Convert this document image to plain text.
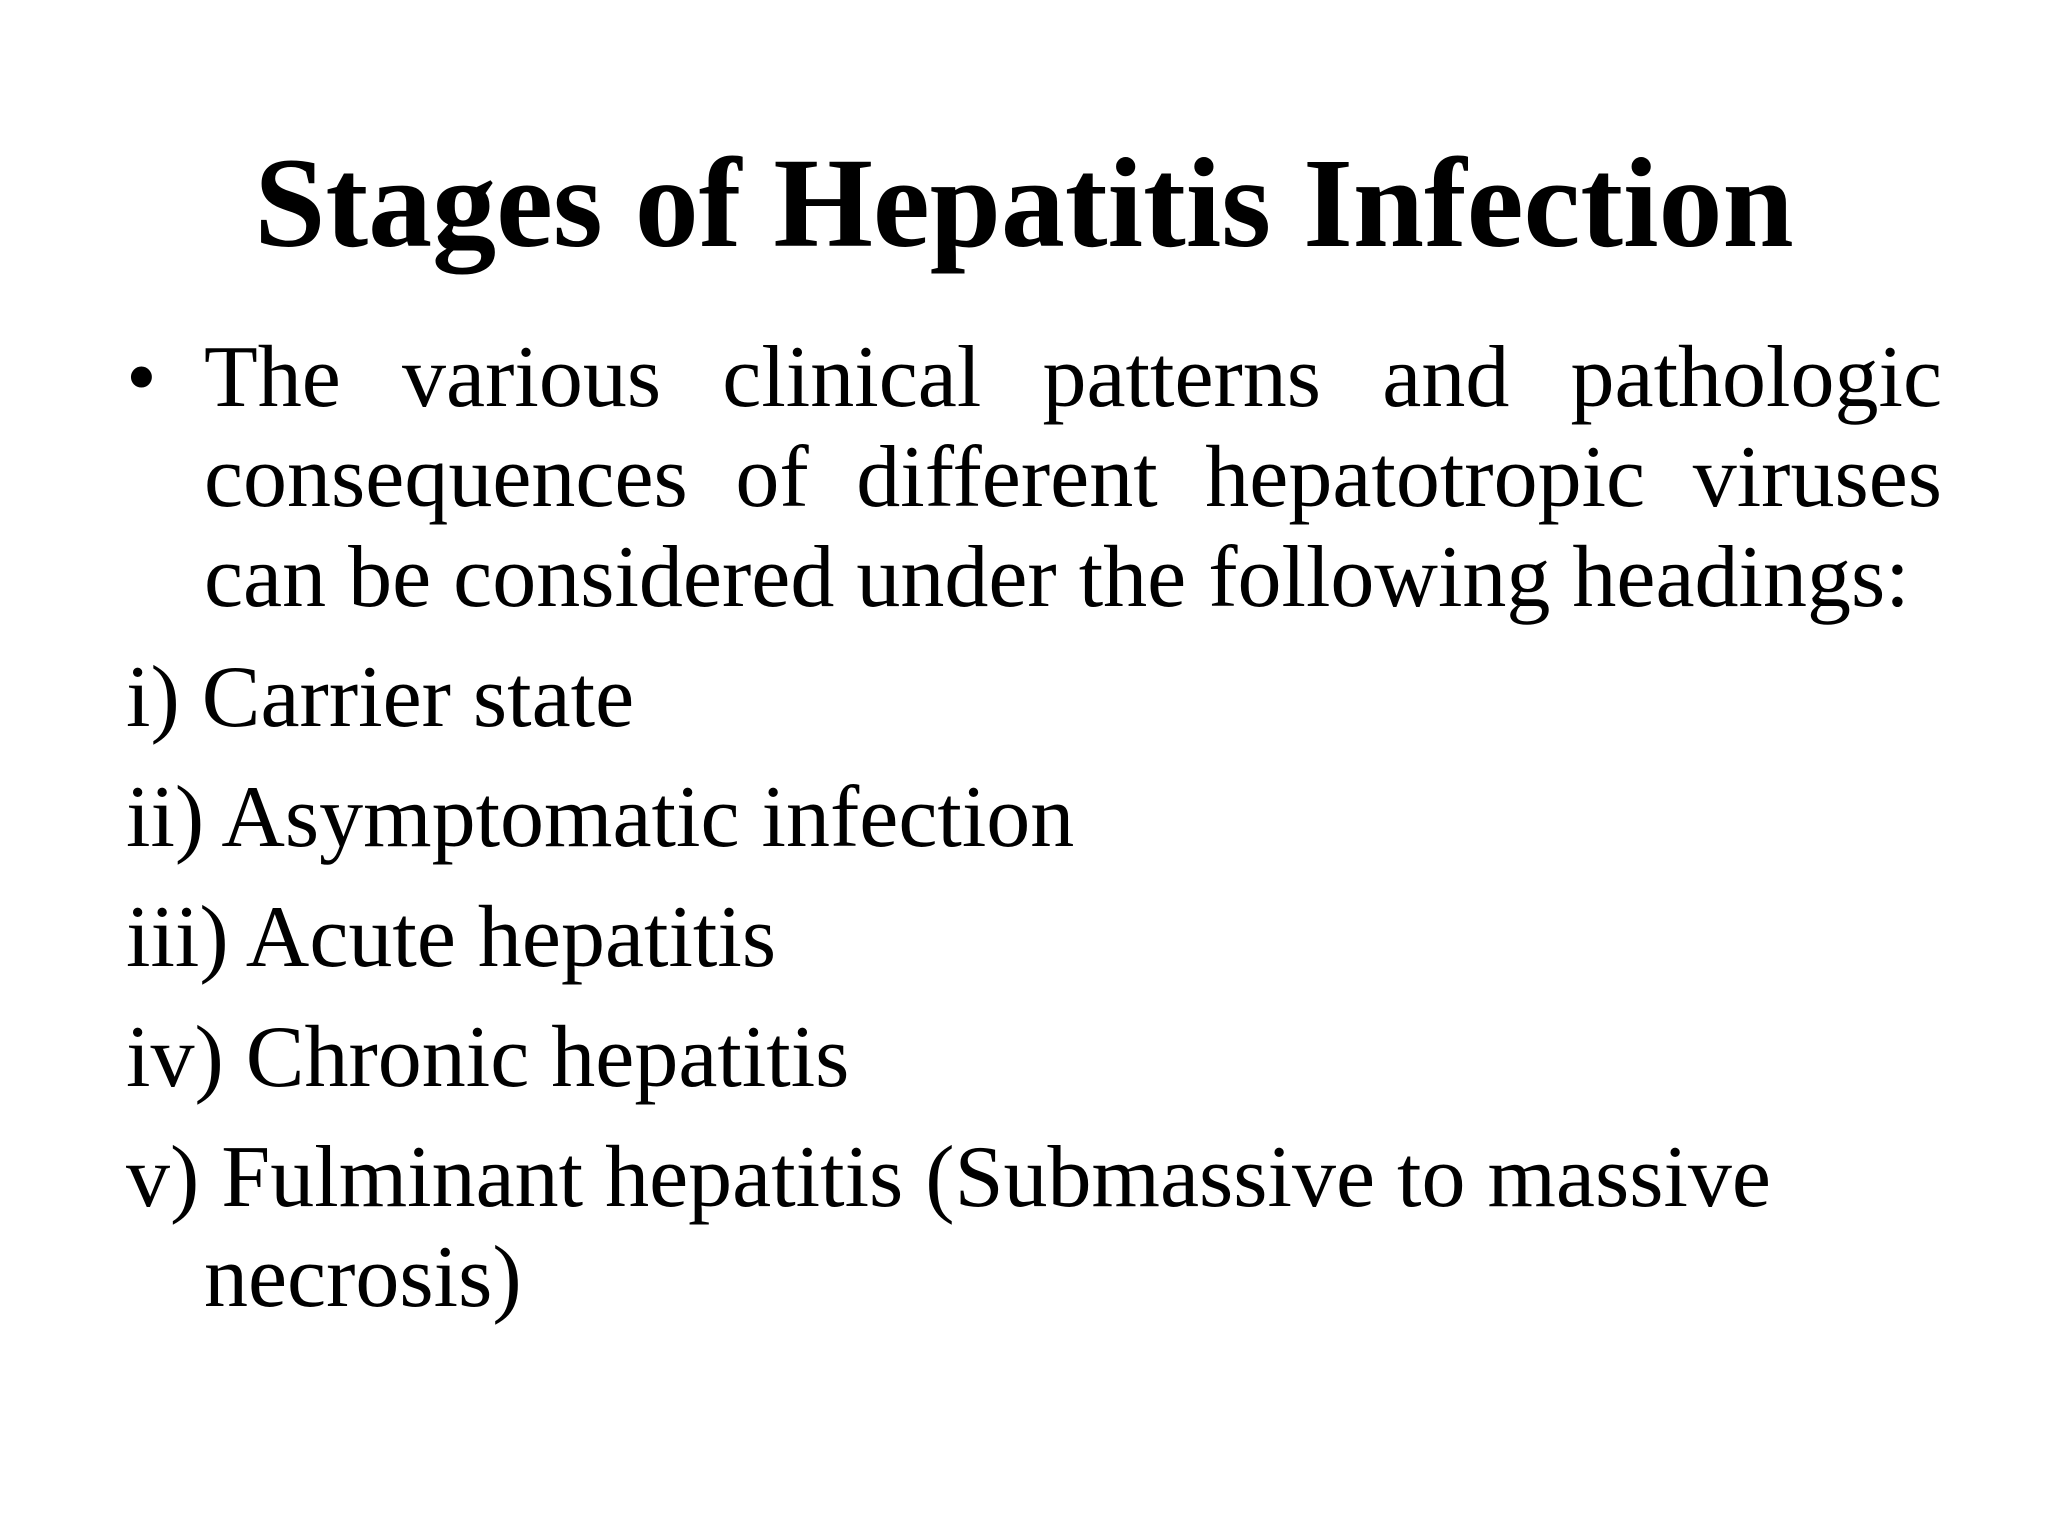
Stages of Hepatitis Infection
• The various clinical patterns and pathologic consequences of different hepatotropic viruses can be considered under the following headings:
i) Carrier state
ii) Asymptomatic infection
iii) Acute hepatitis
iv) Chronic hepatitis
v) Fulminant hepatitis (Submassive to massive necrosis)
